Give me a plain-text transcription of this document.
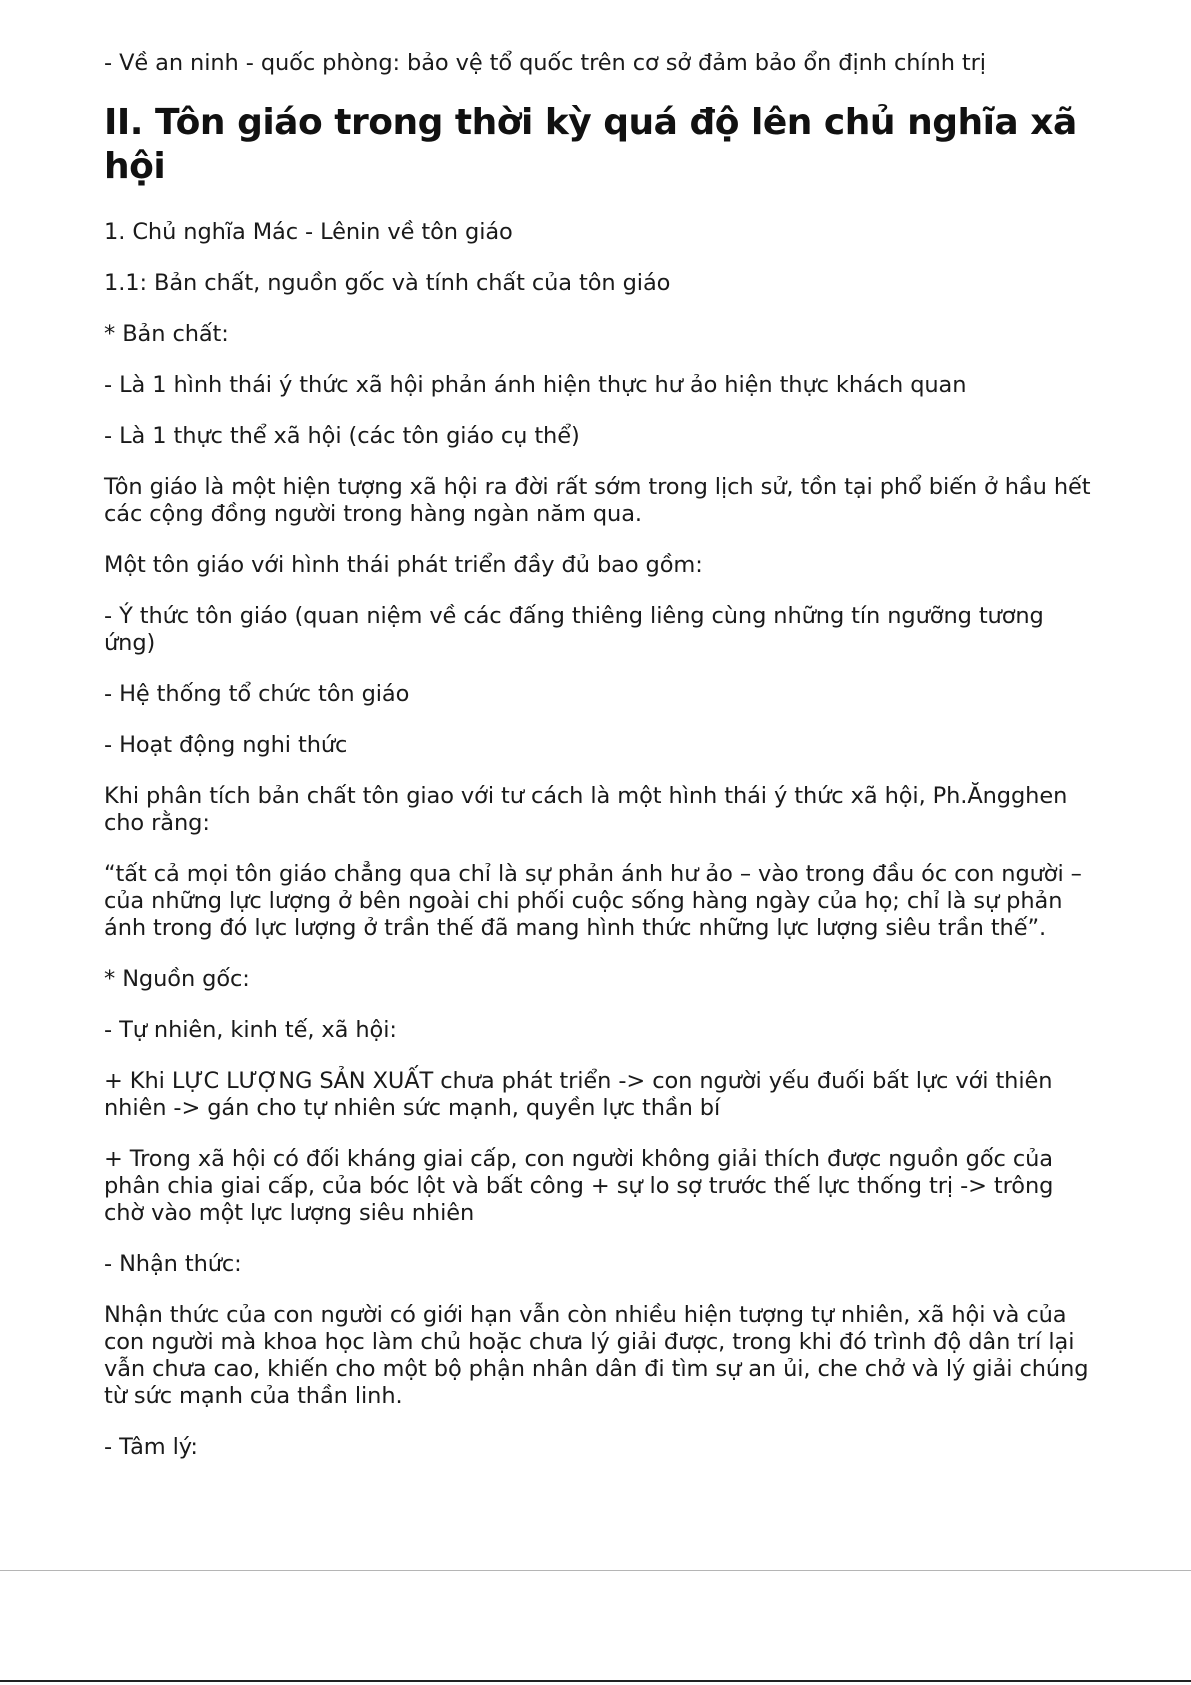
- Về an ninh - quốc phòng: bảo vệ tổ quốc trên cơ sở đảm bảo ổn định chính trị

II. Tôn giáo trong thời kỳ quá độ lên chủ nghĩa xã hội

1. Chủ nghĩa Mác - Lênin về tôn giáo

1.1: Bản chất, nguồn gốc và tính chất của tôn giáo

* Bản chất:

- Là 1 hình thái ý thức xã hội phản ánh hiện thực hư ảo hiện thực khách quan

- Là 1 thực thể xã hội (các tôn giáo cụ thể)

Tôn giáo là một hiện tượng xã hội ra đời rất sớm trong lịch sử, tồn tại phổ biến ở hầu hết các cộng đồng người trong hàng ngàn năm qua.

Một tôn giáo với hình thái phát triển đầy đủ bao gồm:

- Ý thức tôn giáo (quan niệm về các đấng thiêng liêng cùng những tín ngưỡng tương ứng)

- Hệ thống tổ chức tôn giáo

- Hoạt động nghi thức

Khi phân tích bản chất tôn giao với tư cách là một hình thái ý thức xã hội, Ph.Ăngghen cho rằng:

“tất cả mọi tôn giáo chẳng qua chỉ là sự phản ánh hư ảo – vào trong đầu óc con người – của những lực lượng ở bên ngoài chi phối cuộc sống hàng ngày của họ; chỉ là sự phản ánh trong đó lực lượng ở trần thế đã mang hình thức những lực lượng siêu trần thế”.

* Nguồn gốc:

- Tự nhiên, kinh tế, xã hội:

+ Khi LỰC LƯỢNG SẢN XUẤT chưa phát triển -> con người yếu đuối bất lực với thiên nhiên -> gán cho tự nhiên sức mạnh, quyền lực thần bí

+ Trong xã hội có đối kháng giai cấp, con người không giải thích được nguồn gốc của phân chia giai cấp, của bóc lột và bất công + sự lo sợ trước thế lực thống trị -> trông chờ vào một lực lượng siêu nhiên

- Nhận thức:

Nhận thức của con người có giới hạn vẫn còn nhiều hiện tượng tự nhiên, xã hội và của con người mà khoa học làm chủ hoặc chưa lý giải được, trong khi đó trình độ dân trí lại vẫn chưa cao, khiến cho một bộ phận nhân dân đi tìm sự an ủi, che chở và lý giải chúng từ sức mạnh của thần linh.

- Tâm lý:
